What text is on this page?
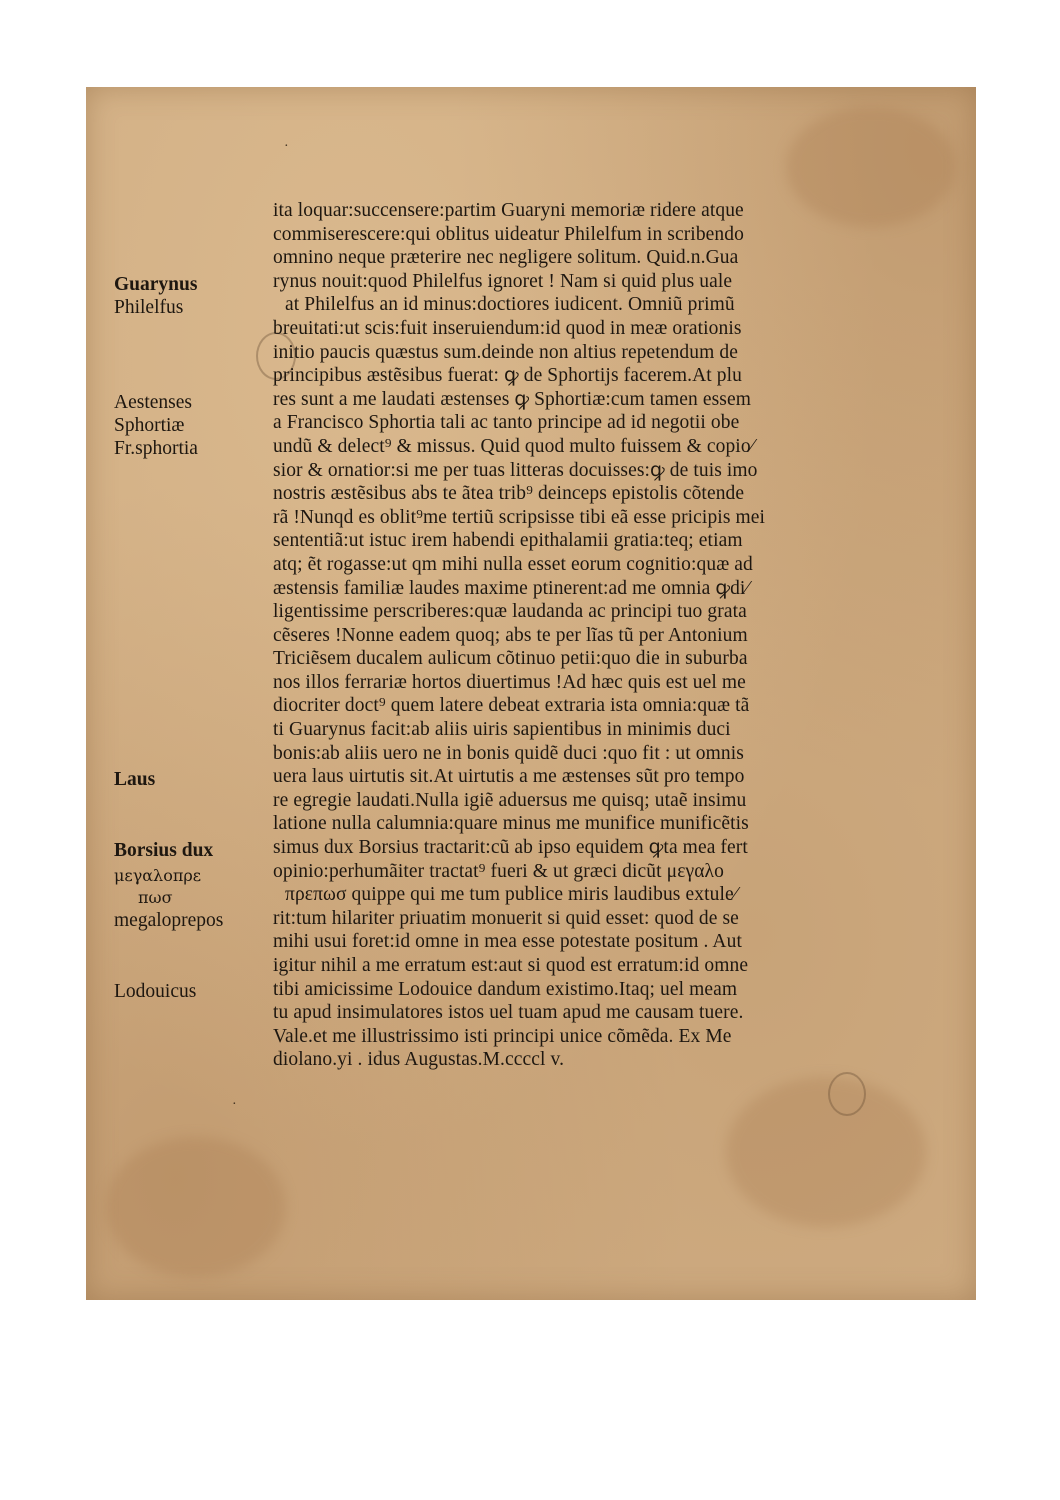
·
·
Guarynus
Philelfus
Aestenses
Sphortiæ
Fr.sphortia
Laus
Borsius dux
μεγαλοπρε
πωσ
megaloprepos
Lodouicus
ita loquar:succensere:partim Guaryni memoriæ ridere atque
commiserescere:qui oblitus uideatur Philelfum in scribendo
omnino neque præterire nec negligere solitum. Quid.n.Gua
rynus nouit:quod Philelfus ignoret ! Nam si quid plus uale
at Philelfus an id minus:doctiores iudicent. Omniũ primũ
breuitati:ut scis:fuit inseruiendum:id quod in meæ orationis
initio paucis quæstus sum.deinde non altius repetendum de
principibus æstẽsibus fuerat: ꝙ de Sphortijs facerem.At plu
res sunt a me laudati æstenses ꝙ Sphortiæ:cum tamen essem
a Francisco Sphortia tali ac tanto principe ad id negotii obe
undũ & delect⁹ & missus. Quid quod multo fuissem & copio⁄
sior & ornatior:si me per tuas litteras docuisses:ꝙ de tuis imo
nostris æstẽsibus abs te ãtea trib⁹ deinceps epistolis cõtende
rã !Nunqd es oblit⁹me tertiũ scripsisse tibi eã esse pricipis mei
sententiã:ut istuc irem habendi epithalamii gratia:teq; etiam
atq; ẽt rogasse:ut qm mihi nulla esset eorum cognitio:quæ ad
æstensis familiæ laudes maxime ptinerent:ad me omnia ꝙdi⁄
ligentissime perscriberes:quæ laudanda ac principi tuo grata
cẽseres !Nonne eadem quoq; abs te per lĩas tũ per Antonium
Triciẽsem ducalem aulicum cõtinuo petii:quo die in suburba
nos illos ferrariæ hortos diuertimus !Ad hæc quis est uel me
diocriter doct⁹ quem latere debeat extraria ista omnia:quæ tã
ti Guarynus facit:ab aliis uiris sapientibus in minimis duci
bonis:ab aliis uero ne in bonis quidẽ duci :quo fit : ut omnis
uera laus uirtutis sit.At uirtutis a me æstenses sũt pro tempo
re egregie laudati.Nulla igiẽ aduersus me quisq; utaẽ insimu
latione nulla calumnia:quare minus me munifice munificẽtis
simus dux Borsius tractarit:cũ ab ipso equidem ꝙta mea fert
opinio:perhumãiter tractat⁹ fueri & ut græci dicũt μεγαλο
πρεπωσ quippe qui me tum publice miris laudibus extule⁄
rit:tum hilariter priuatim monuerit si quid esset: quod de se
mihi usui foret:id omne in mea esse potestate positum . Aut
igitur nihil a me erratum est:aut si quod est erratum:id omne
tibi amicissime Lodouice dandum existimo.Itaq; uel meam
tu apud insimulatores istos uel tuam apud me causam tuere.
Vale.et me illustrissimo isti principi unice cõmẽda. Ex Me
diolano.yi . idus Augustas.M.ccccl v.
